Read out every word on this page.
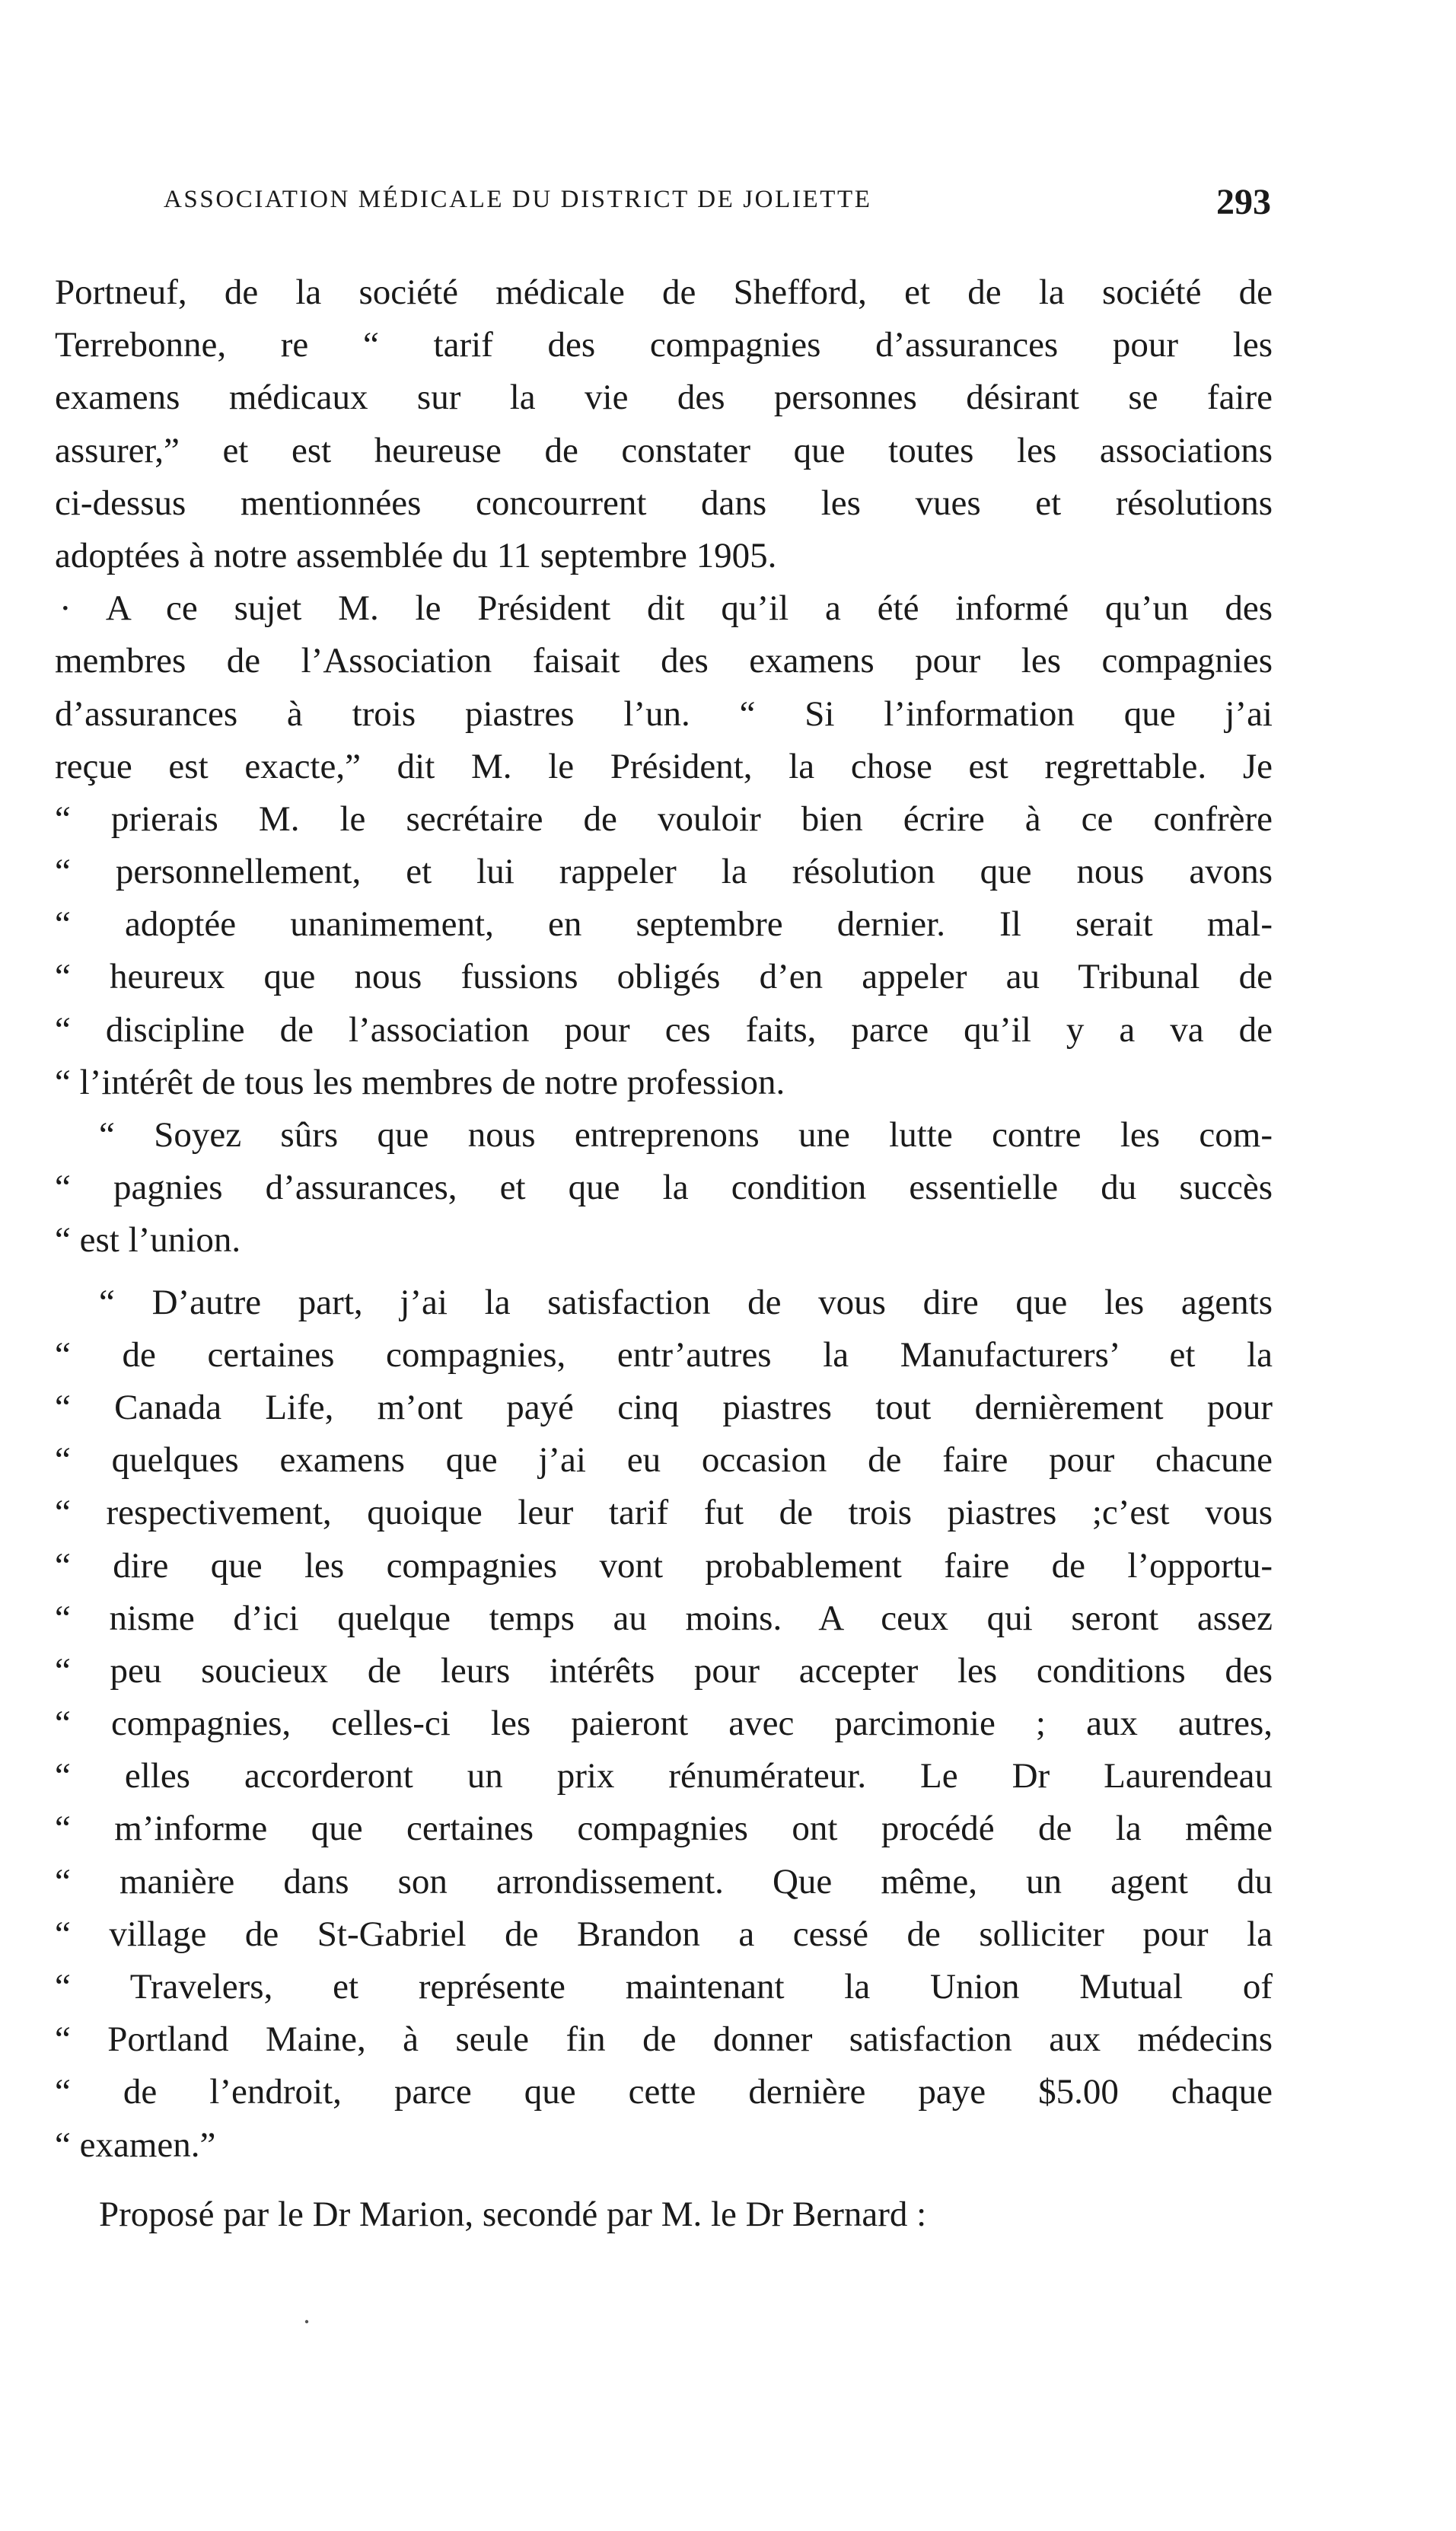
ASSOCIATION MÉDICALE DU DISTRICT DE JOLIETTE	293
Portneuf, de la société médicale de Shefford, et de la société de
Terrebonne, re “ tarif des compagnies d’assurances pour les
examens médicaux sur la vie des personnes désirant se faire
assurer,” et est heureuse de constater que toutes les associations
ci-dessus mentionnées concourrent dans les vues et résolutions
adoptées à notre assemblée du 11 septembre 1905.
· A ce sujet M. le Président dit qu’il a été informé qu’un des
membres de l’Association faisait des examens pour les compagnies
d’assurances à trois piastres l’un. “ Si l’information que j’ai
reçue est exacte,” dit M. le Président, la chose est regrettable. Je
“ prierais M. le secrétaire de vouloir bien écrire à ce confrère
“ personnellement, et lui rappeler la résolution que nous avons
“ adoptée unanimement, en septembre dernier. Il serait mal-
“ heureux que nous fussions obligés d’en appeler au Tribunal de
“ discipline de l’association pour ces faits, parce qu’il y a va de
“ l’intérêt de tous les membres de notre profession.
“ Soyez sûrs que nous entreprenons une lutte contre les com-
“ pagnies d’assurances, et que la condition essentielle du succès
“ est l’union.
“ D’autre part, j’ai la satisfaction de vous dire que les agents
“ de certaines compagnies, entr’autres la Manufacturers’ et la
“ Canada Life, m’ont payé cinq piastres tout dernièrement pour
“ quelques examens que j’ai eu occasion de faire pour chacune
“ respectivement, quoique leur tarif fut de trois piastres ;c’est vous
“ dire que les compagnies vont probablement faire de l’opportu-
“ nisme d’ici quelque temps au moins. A ceux qui seront assez
“ peu soucieux de leurs intérêts pour accepter les conditions des
“ compagnies, celles-ci les paieront avec parcimonie ; aux autres,
“ elles accorderont un prix rénumérateur. Le Dr Laurendeau
“ m’informe que certaines compagnies ont procédé de la même
“ manière dans son arrondissement. Que même, un agent du
“ village de St-Gabriel de Brandon a cessé de solliciter pour la
“ Travelers, et représente maintenant la Union Mutual of
“ Portland Maine, à seule fin de donner satisfaction aux médecins
“ de l’endroit, parce que cette dernière paye $5.00 chaque
“ examen.”
Proposé par le Dr Marion, secondé par M. le Dr Bernard :
